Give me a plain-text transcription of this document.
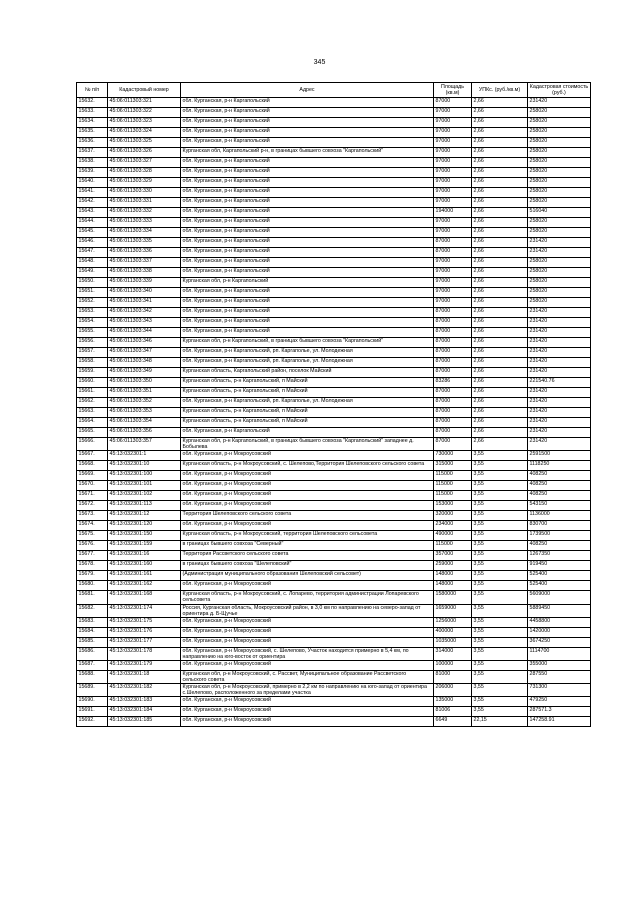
345
№ п/п	Кадастровый номер	Адрес	Площадь (кв.м)	УПКс. (руб./кв.м)	Кадастровая стоимость (руб.)
15632.	45:06:011303:321	обл. Курганская, р-н Каргапольский	87000	2,66	231420
15633.	45:06:011303:322	обл. Курганская, р-н Каргапольский	97000	2,66	258020
15634.	45:06:011303:323	обл. Курганская, р-н Каргапольский	97000	2,66	258020
15635.	45:06:011303:324	обл. Курганская, р-н Каргапольский	97000	2,66	258020
15636.	45:06:011303:325	обл. Курганская, р-н Каргапольский	97000	2,66	258020
15637.	45:06:011303:326	Курганская обл, Каргапольский р-н, в границах бывшего совхоза "Каргапольский"	97000	2,66	258020
15638.	45:06:011303:327	обл. Курганская, р-н Каргапольский	97000	2,66	258020
15639.	45:06:011303:328	обл. Курганская, р-н Каргапольский	97000	2,66	258020
15640.	45:06:011303:329	обл. Курганская, р-н Каргапольский	97000	2,66	258020
15641.	45:06:011303:330	обл. Курганская, р-н Каргапольский	97000	2,66	258020
15642.	45:06:011303:331	обл. Курганская, р-н Каргапольский	97000	2,66	258020
15643.	45:06:011303:332	обл. Курганская, р-н Каргапольский	194000	2,66	516040
15644.	45:06:011303:333	обл. Курганская, р-н Каргапольский	97000	2,66	258020
15645.	45:06:011303:334	обл. Курганская, р-н Каргапольский	97000	2,66	258020
15646.	45:06:011303:335	обл. Курганская, р-н Каргапольский	87000	2,66	231420
15647.	45:06:011303:336	обл. Курганская, р-н Каргапольский	87000	2,66	231420
15648.	45:06:011303:337	обл. Курганская, р-н Каргапольский	97000	2,66	258020
15649.	45:06:011303:338	обл. Курганская, р-н Каргапольский	97000	2,66	258020
15650.	45:06:011303:339	Курганская обл, р-н Каргапольский	97000	2,66	258020
15651.	45:06:011303:340	обл. Курганская, р-н Каргапольский	97000	2,66	258020
15652.	45:06:011303:341	обл. Курганская, р-н Каргапольский	97000	2,66	258020
15653.	45:06:011303:342	обл. Курганская, р-н Каргапольский	87000	2,66	231420
15654.	45:06:011303:343	обл. Курганская, р-н Каргапольский	87000	2,66	231420
15655.	45:06:011303:344	обл. Курганская, р-н Каргапольский	87000	2,66	231420
15656.	45:06:011303:346	Курганская обл, р-н Каргапольский, в границах бывшего совхоза "Каргапольский"	87000	2,66	231420
15657.	45:06:011303:347	обл. Курганская, р-н Каргапольский, рп. Каргаполье, ул. Молодежная	87000	2,66	231420
15658.	45:06:011303:348	обл. Курганская, р-н Каргапольский, рп. Каргаполье, ул. Молодежная	87000	2,66	231420
15659.	45:06:011303:349	Курганская область, Каргапольский район, поселок Майский	87000	2,66	231420
15660.	45:06:011303:350	Курганская область, р-н Каргапольский, п Майский	83286	2,66	221540.76
15661.	45:06:011303:351	Курганская область, р-н Каргапольский, п Майский	87000	2,66	231420
15662.	45:06:011303:352	обл. Курганская, р-н Каргапольский, рп. Каргаполье, ул. Молодежная	87000	2,66	231420
15663.	45:06:011303:353	Курганская область, р-н Каргапольский, п Майский	87000	2,66	231420
15664.	45:06:011303:354	Курганская область, р-н Каргапольский, п Майский	87000	2,66	231420
15665.	45:06:011303:356	обл. Курганская, р-н Каргапольский	87000	2,66	231420
15666.	45:06:011303:357	Курганская обл, р-н Каргапольский, в границах бывшего совхоза "Каргапольский" западнее д. Бобылева	87000	2,66	231420
15667.	45:13:032301:1	обл. Курганская, р-н Мокроусовский	730000	3,55	2591500
15668.	45:13:032301:10	Курганская область, р-н Мокроусовский, с. Шелепово,Территория Шелеповского сельского совета	315000	3,55	1118250
15669.	45:13:032301:100	обл. Курганская, р-н Мокроусовский	115000	3,55	408250
15670.	45:13:032301:101	обл. Курганская, р-н Мокроусовский	115000	3,55	408250
15671.	45:13:032301:102	обл. Курганская, р-н Мокроусовский	115000	3,55	408250
15672.	45:13:032301:113	обл. Курганская, р-н Мокроусовский	153000	3,55	543150
15673.	45:13:032301:12	Территория Шелеповского сельского совета	320000	3,55	1136000
15674.	45:13:032301:120	обл. Курганская, р-н Мокроусовский	234000	3,55	830700
15675.	45:13:032301:150	Курганская область, р-н Мокроусовский, территория Шелеповского сельсовета	490000	3,55	1739500
15676.	45:13:032301:159	в границах бывшего совхоза "Северный"	115000	3,55	408250
15677.	45:13:032301:16	Территория Рассветского сельского совета	357000	3,55	1267350
15678.	45:13:032301:160	в границах бывшего совхоза "Шелеповский"	259000	3,55	919450
15679.	45:13:032301:161	(Администрация муниципального образования Шелеповский сельсовет)	148000	3,55	525400
15680.	45:13:032301:162	обл. Курганская, р-н Мокроусовский	148000	3,55	525400
15681.	45:13:032301:168	Курганская область, р-н Мокроусовский, с. Лопарево, территория администрации Лопаревского сельсовета	1580000	3,55	5609000
15682.	45:13:032301:174	Россия, Курганская область, Мокроусовский район, в 3,0 км по направлению на северо-запад от ориентира д. Б-Щучье	1659000	3,55	5889450
15683.	45:13:032301:175	обл. Курганская, р-н Мокроусовский	1256000	3,55	4458800
15684.	45:13:032301:176	обл. Курганская, р-н Мокроусовский	400000	3,55	1420000
15685.	45:13:032301:177	обл. Курганская, р-н Мокроусовский	1035000	3,55	3674250
15686.	45:13:032301:178	обл. Курганская, р-н Мокроусовский, с. Шелепово, Участок находится примерно в 5,4 км, по направлению на юго-восток от ориентира	314000	3,55	1114700
15687.	45:13:032301:179	обл. Курганская, р-н Мокроусовский	100000	3,55	355000
15688.	45:13:032301:18	Курганская обл, р-н Мокроусовский, с. Рассвет, Муниципальное образование Рассветского сельского совета	81000	3,55	287550
15689.	45:13:032301:182	Курганская обл, р-н Мокроусовский, примерно в 2,2 км по направлению на юго-запад от ориентира с.Шелепово, расположенного за пределами участка	206000	3,55	731300
15690.	45:13:032301:183	обл. Курганская, р-н Мокроусовский	135000	3,55	479250
15691.	45:13:032301:184	обл. Курганская, р-н Мокроусовский	81006	3,55	287571.3
15692.	45:13:032301:185	обл. Курганская, р-н Мокроусовский	6649	22,15	147258.91
